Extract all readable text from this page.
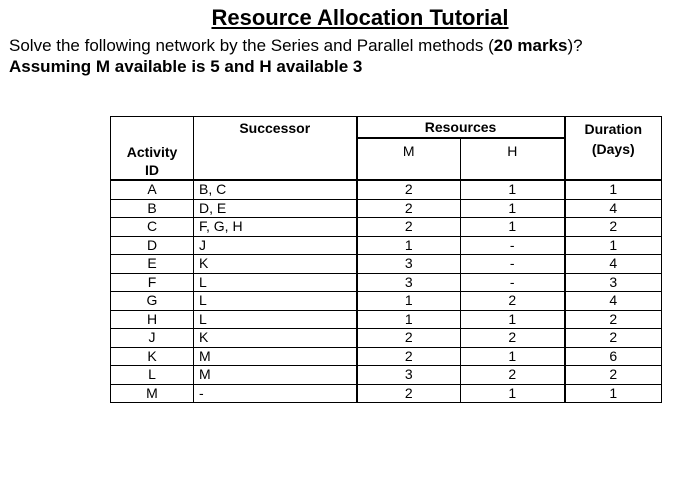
Resource Allocation Tutorial
Solve the following network by the Series and Parallel methods (20 marks)?
Assuming M available is 5 and H available 3
Activity ID	Successor	Resources		Duration (Days)
		M	H	
A	B, C	2	1	1
B	D, E	2	1	4
C	F, G, H	2	1	2
D	J	1	-	1
E	K	3	-	4
F	L	3	-	3
G	L	1	2	4
H	L	1	1	2
J	K	2	2	2
K	M	2	1	6
L	M	3	2	2
M	-	2	1	1
